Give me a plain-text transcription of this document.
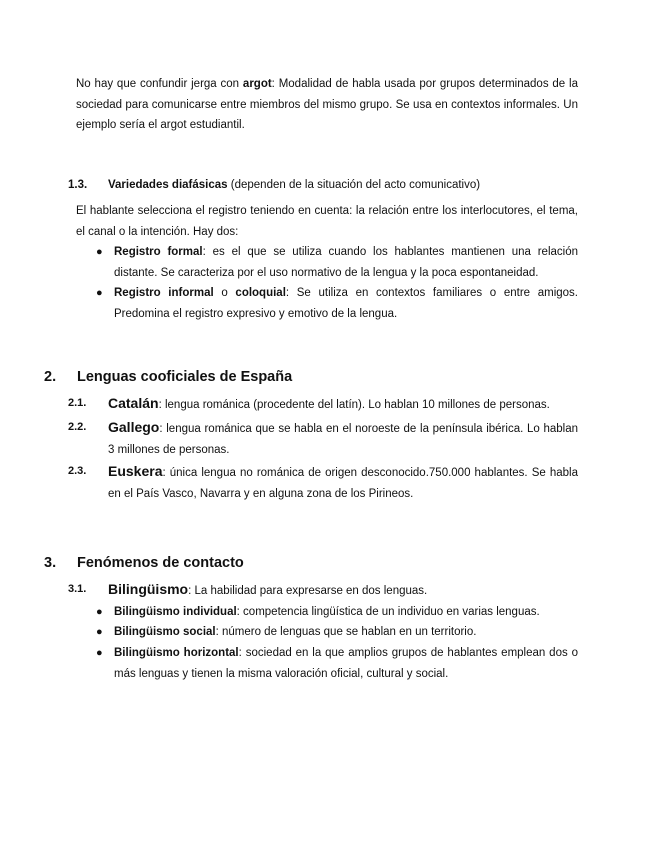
No hay que confundir jerga con argot: Modalidad de habla usada por grupos determinados de la sociedad para comunicarse entre miembros del mismo grupo. Se usa en contextos informales. Un ejemplo sería el argot estudiantil.
1.3. Variedades diafásicas (dependen de la situación del acto comunicativo)
El hablante selecciona el registro teniendo en cuenta: la relación entre los interlocutores, el tema, el canal o la intención. Hay dos:
● Registro formal: es el que se utiliza cuando los hablantes mantienen una relación distante. Se caracteriza por el uso normativo de la lengua y la poca espontaneidad.
● Registro informal o coloquial: Se utiliza en contextos familiares o entre amigos. Predomina el registro expresivo y emotivo de la lengua.
2. Lenguas cooficiales de España
2.1. Catalán: lengua románica (procedente del latín). Lo hablan 10 millones de personas.
2.2. Gallego: lengua románica que se habla en el noroeste de la península ibérica. Lo hablan 3 millones de personas.
2.3. Euskera: única lengua no románica de origen desconocido.750.000 hablantes. Se habla en el País Vasco, Navarra y en alguna zona de los Pirineos.
3. Fenómenos de contacto
3.1. Bilingüismo: La habilidad para expresarse en dos lenguas.
● Bilingüismo individual: competencia lingüística de un individuo en varias lenguas.
● Bilingüismo social: número de lenguas que se hablan en un territorio.
● Bilingüismo horizontal: sociedad en la que amplios grupos de hablantes emplean dos o más lenguas y tienen la misma valoración oficial, cultural y social.
